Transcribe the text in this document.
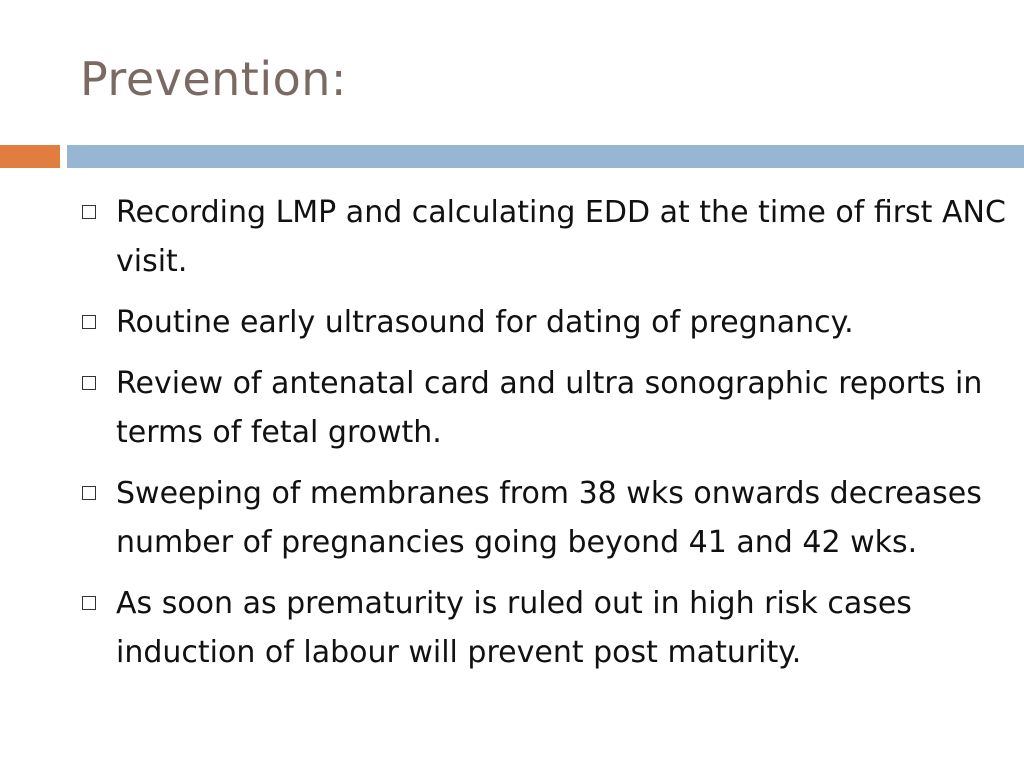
Prevention:
Recording LMP and calculating EDD at the time of first ANC visit.
Routine early ultrasound for dating of pregnancy.
Review of antenatal card and ultra sonographic reports in terms of fetal growth.
Sweeping of membranes from 38 wks onwards decreases number of pregnancies going beyond 41 and 42 wks.
As soon as prematurity is ruled out in high risk cases induction of labour will prevent post maturity.
